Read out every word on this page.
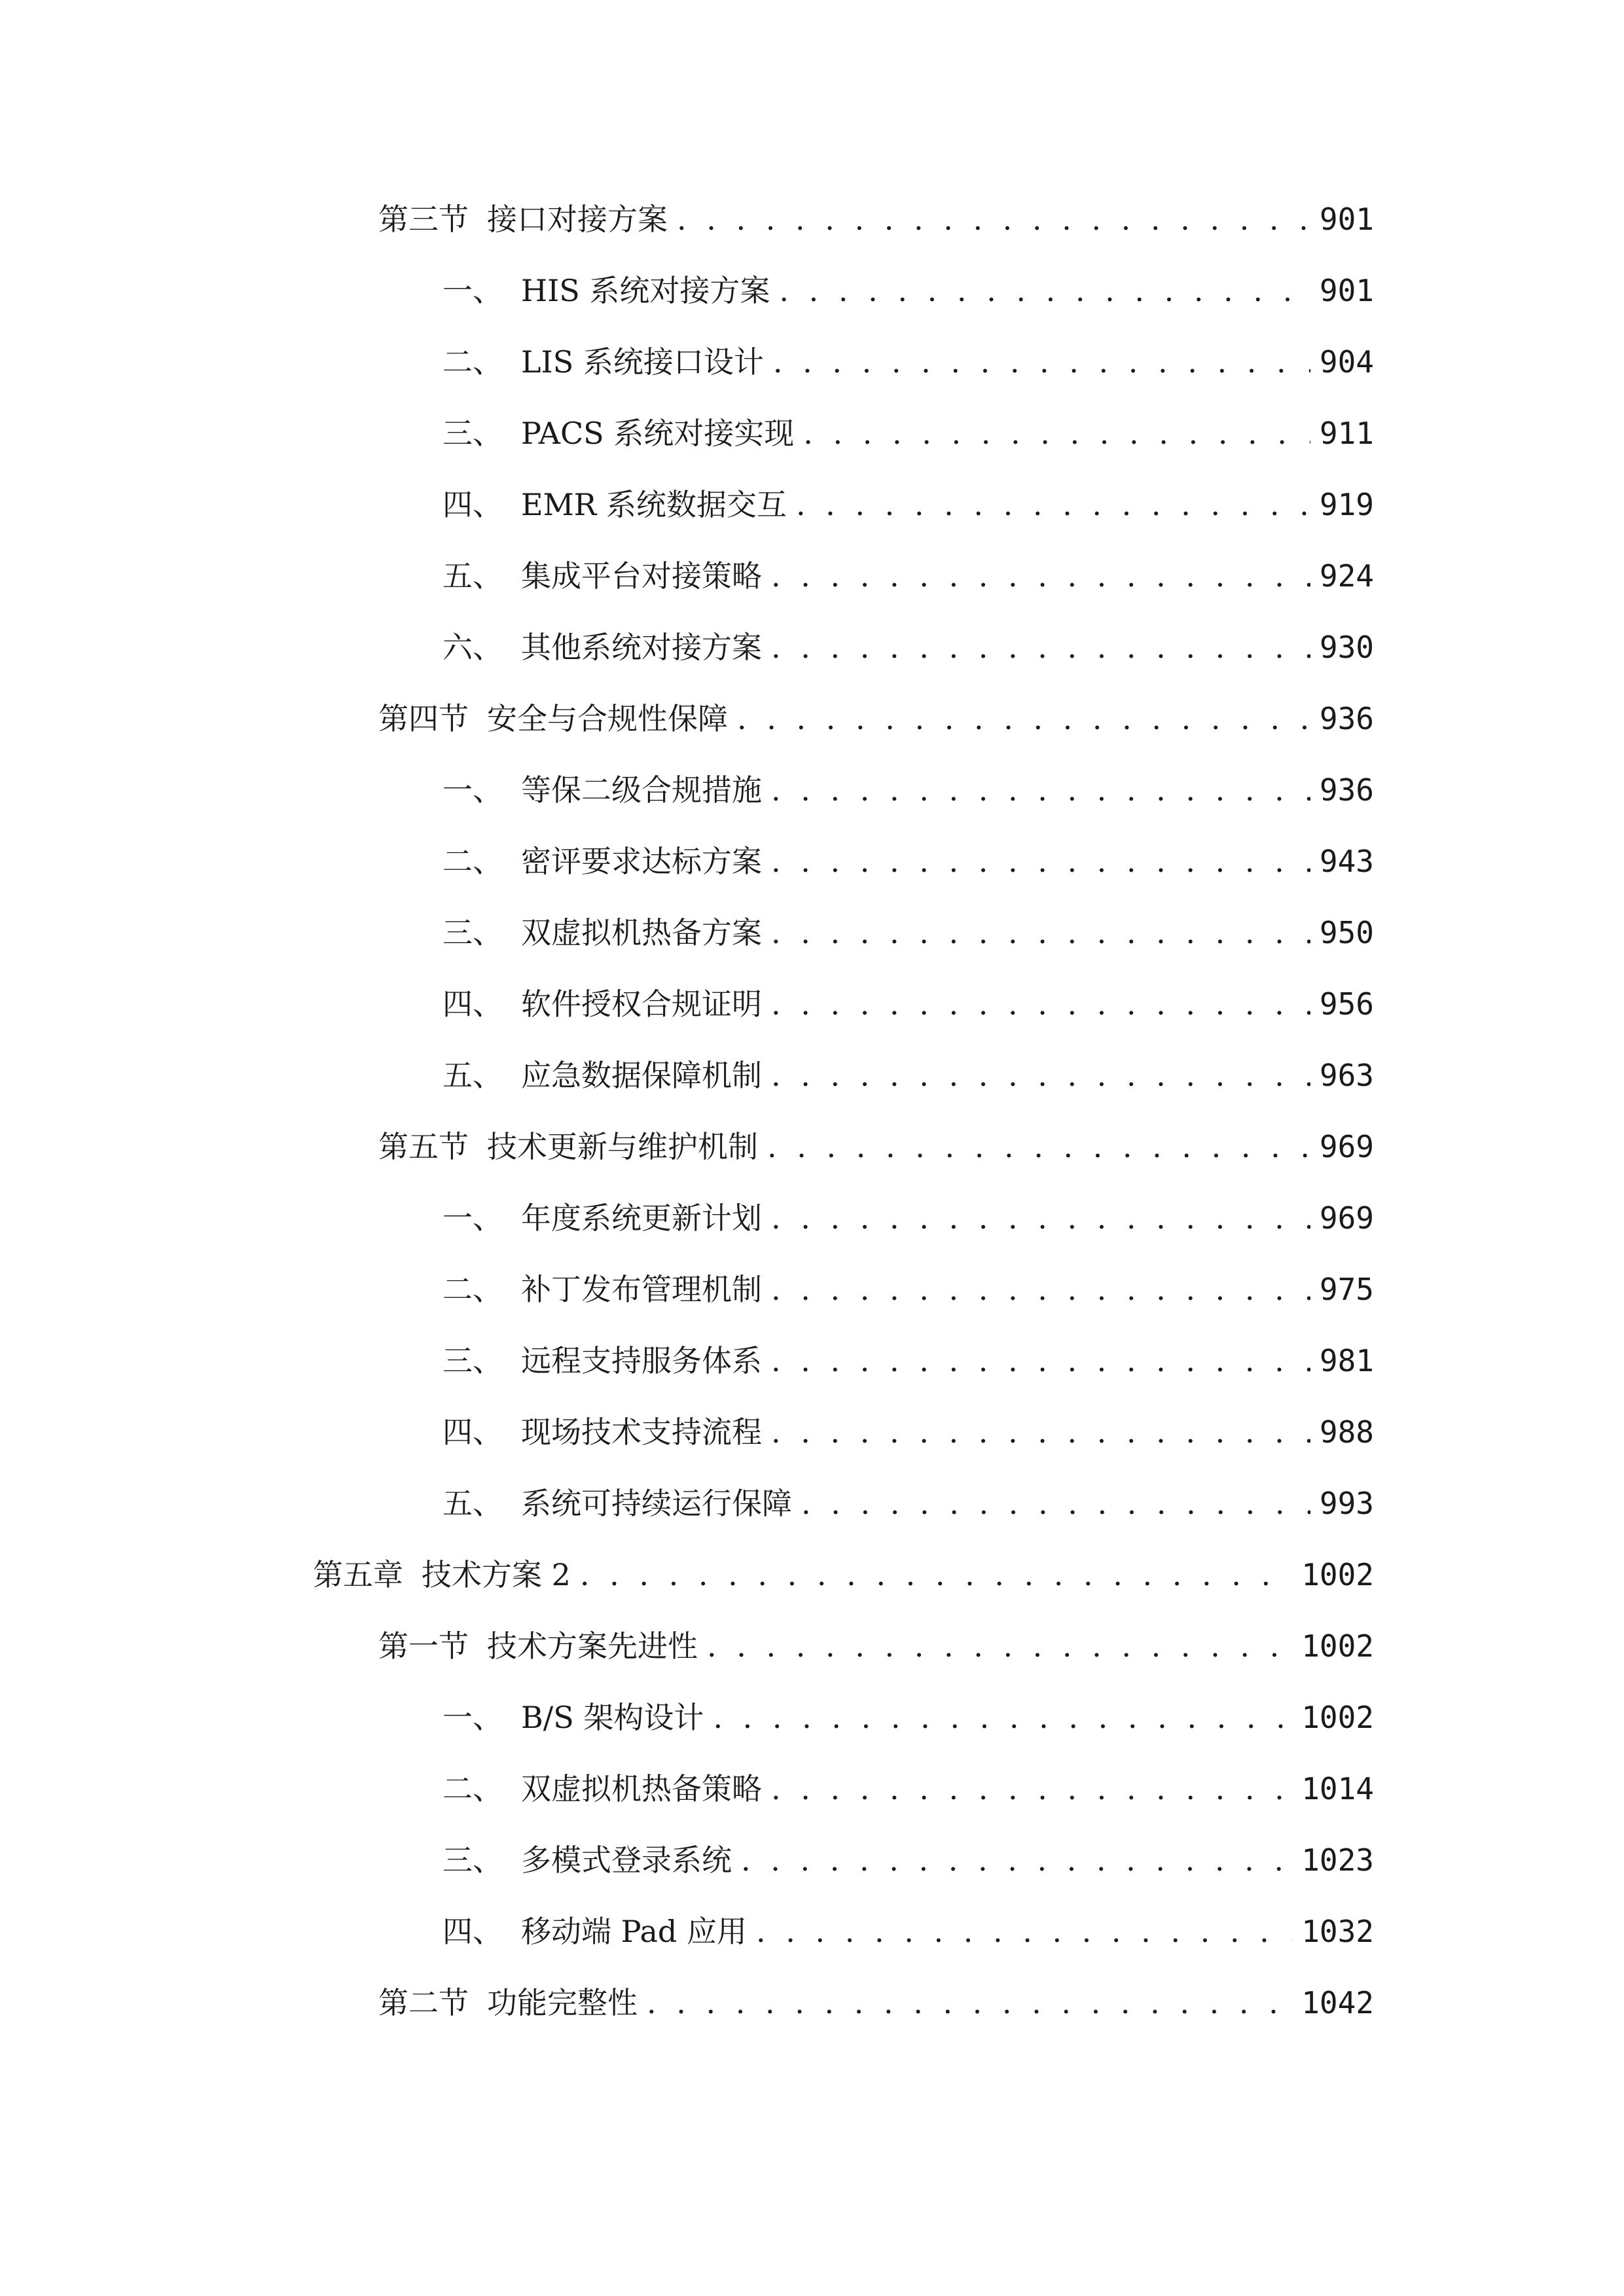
第三节 接口对接方案 . . .	901
一、 HIS 系统对接方案 . . .	901
二、 LIS 系统接口设计 . . .	904
三、 PACS 系统对接实现 . . .	911
四、 EMR 系统数据交互 . . .	919
五、 集成平台对接策略 . . .	924
六、 其他系统对接方案 . . .	930
第四节 安全与合规性保障 . . .	936
一、 等保二级合规措施 . . .	936
二、 密评要求达标方案 . . .	943
三、 双虚拟机热备方案 . . .	950
四、 软件授权合规证明 . . .	956
五、 应急数据保障机制 . . .	963
第五节 技术更新与维护机制 . . .	969
一、 年度系统更新计划 . . .	969
二、 补丁发布管理机制 . . .	975
三、 远程支持服务体系 . . .	981
四、 现场技术支持流程 . . .	988
五、 系统可持续运行保障 . . .	993
第五章 技术方案 2 . . .	1002
第一节 技术方案先进性 . . .	1002
一、 B/S 架构设计 . . .	1002
二、 双虚拟机热备策略 . . .	1014
三、 多模式登录系统 . . .	1023
四、 移动端 Pad 应用 . . .	1032
第二节 功能完整性 . . .	1042
